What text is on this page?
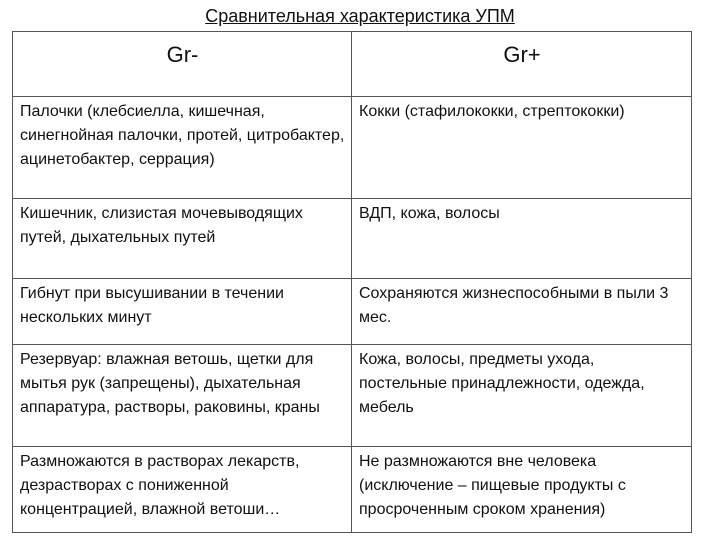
Сравнительная характеристика УПМ
Gr-	Gr+
Палочки (клебсиелла, кишечная, синегнойная палочки, протей, цитробактер, ацинетобактер, серрация)	Кокки (стафилококки, стрептококки)
Кишечник, слизистая мочевыводящих путей, дыхательных путей	ВДП, кожа, волосы
Гибнут при высушивании в течении нескольких минут	Сохраняются жизнеспособными в пыли 3 мес.
Резервуар: влажная ветошь, щетки для мытья рук (запрещены), дыхательная аппаратура, растворы, раковины, краны	Кожа, волосы, предметы ухода, постельные принадлежности, одежда, мебель
Размножаются в растворах лекарств, дезрастворах с пониженной концентрацией, влажной ветоши…	Не размножаются вне человека (исключение – пищевые продукты с просроченным сроком хранения)
